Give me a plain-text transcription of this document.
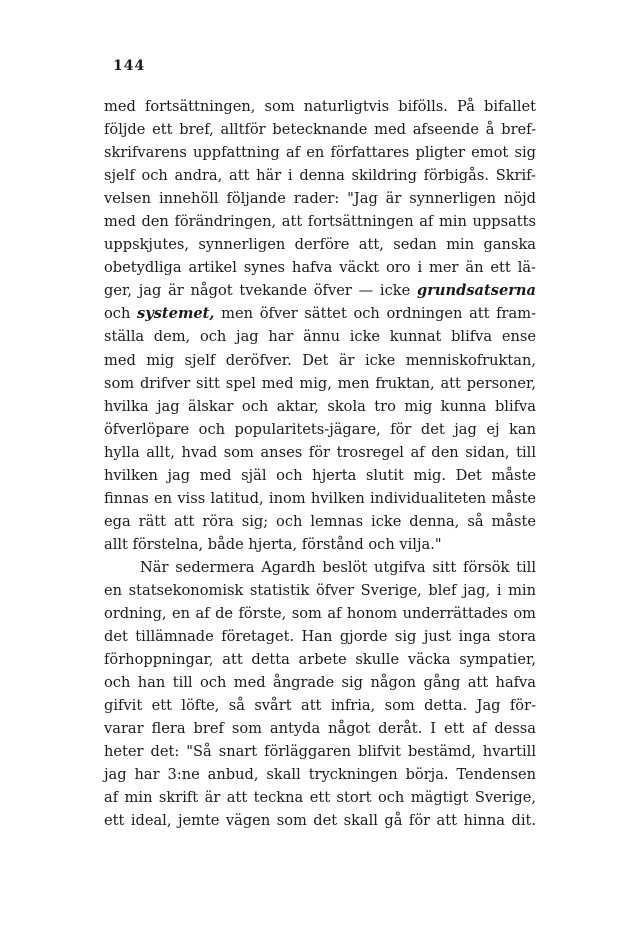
144

med fortsättningen, som naturligtvis bifölls. På bifallet
följde ett bref, alltför betecknande med afseende å bref-
skrifvarens uppfattning af en författares pligter emot sig
sjelf och andra, att här i denna skildring förbigås. Skrif-
velsen innehöll följande rader: "Jag är synnerligen nöjd
med den förändringen, att fortsättningen af min uppsatts
uppskjutes, synnerligen derföre att, sedan min ganska
obetydliga artikel synes hafva väckt oro i mer än ett lä-
ger, jag är något tvekande öfver — icke grundsatserna
och systemet, men öfver sättet och ordningen att fram-
ställa dem, och jag har ännu icke kunnat blifva ense
med mig sjelf deröfver. Det är icke menniskofruktan,
som drifver sitt spel med mig, men fruktan, att personer,
hvilka jag älskar och aktar, skola tro mig kunna blifva
öfverlöpare och popularitets-jägare, för det jag ej kan
hylla allt, hvad som anses för trosregel af den sidan, till
hvilken jag med själ och hjerta slutit mig. Det måste
finnas en viss latitud, inom hvilken individualiteten måste
ega rätt att röra sig; och lemnas icke denna, så måste
allt förstelna, både hjerta, förstånd och vilja."
När sedermera Agardh beslöt utgifva sitt försök till
en statsekonomisk statistik öfver Sverige, blef jag, i min
ordning, en af de förste, som af honom underrättades om
det tillämnade företaget. Han gjorde sig just inga stora
förhoppningar, att detta arbete skulle väcka sympatier,
och han till och med ångrade sig någon gång att hafva
gifvit ett löfte, så svårt att infria, som detta. Jag för-
varar flera bref som antyda något deråt. I ett af dessa
heter det: "Så snart förläggaren blifvit bestämd, hvartill
jag har 3:ne anbud, skall tryckningen börja. Tendensen
af min skrift är att teckna ett stort och mägtigt Sverige,
ett ideal, jemte vägen som det skall gå för att hinna dit.
